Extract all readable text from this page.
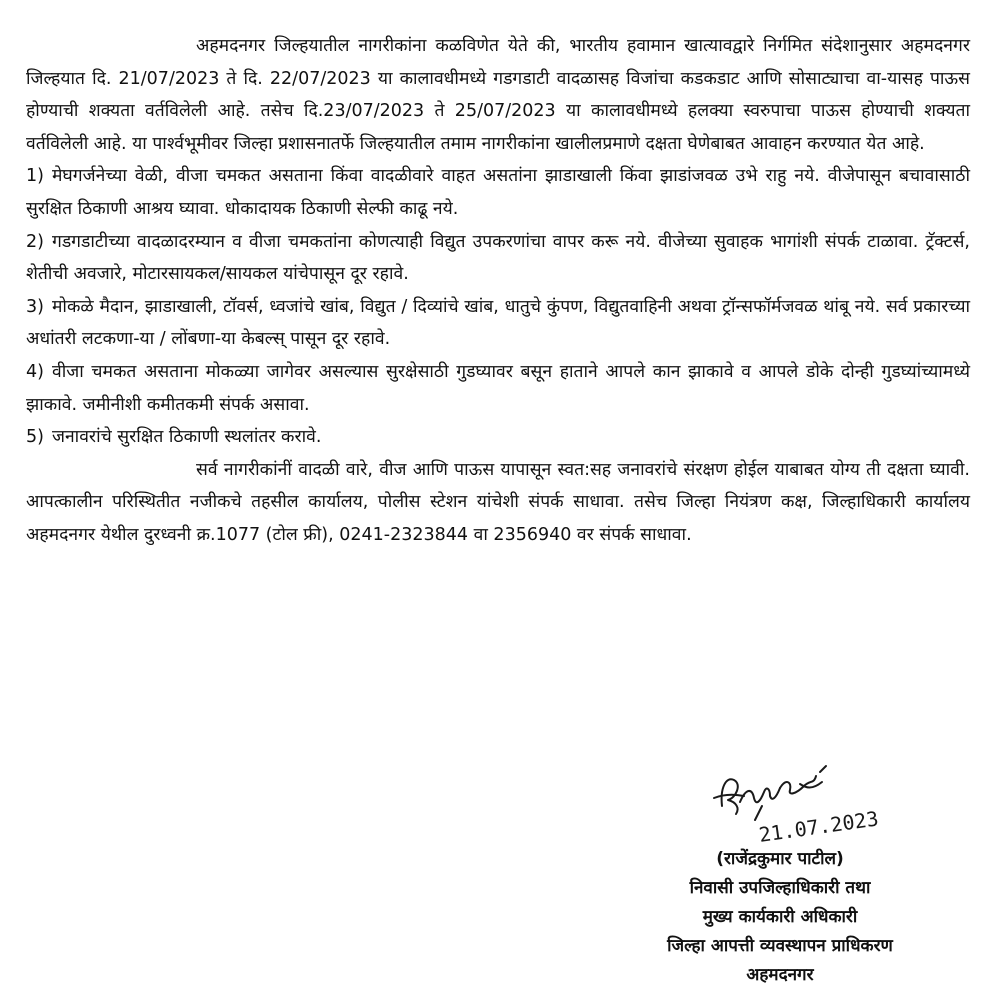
अहमदनगर जिल्हयातील नागरीकांना कळविणेत येते की, भारतीय हवामान खात्यावद्वारे निर्गमित संदेशानुसार अहमदनगर जिल्हयात दि. 21/07/2023 ते दि. 22/07/2023 या कालावधीमध्ये गडगडाटी वादळासह विजांचा कडकडाट आणि सोसाट्याचा वा-यासह पाऊस होण्याची शक्यता वर्तविलेली आहे. तसेच दि.23/07/2023 ते 25/07/2023 या कालावधीमध्ये हलक्या स्वरुपाचा पाऊस होण्याची शक्यता वर्तविलेली आहे. या पार्श्वभूमीवर जिल्हा प्रशासनातर्फे जिल्हयातील तमाम नागरीकांना खालीलप्रमाणे दक्षता घेणेबाबत आवाहन करण्यात येत आहे.

1) मेघगर्जनेच्या वेळी, वीजा चमकत असताना किंवा वादळीवारे वाहत असतांना झाडाखाली किंवा झाडांजवळ उभे राहु नये. वीजेपासून बचावासाठी सुरक्षित ठिकाणी आश्रय घ्यावा. धोकादायक ठिकाणी सेल्फी काढू नये.

2) गडगडाटीच्या वादळादरम्यान व वीजा चमकतांना कोणत्याही विद्युत उपकरणांचा वापर करू नये. वीजेच्या सुवाहक भागांशी संपर्क टाळावा. ट्रॅक्टर्स, शेतीची अवजारे, मोटारसायकल/सायकल यांचेपासून दूर रहावे.

3) मोकळे मैदान, झाडाखाली, टॉवर्स, ध्वजांचे खांब, विद्युत / दिव्यांचे खांब, धातुचे कुंपण, विद्युतवाहिनी अथवा ट्रॉन्सफॉर्मजवळ थांबू नये. सर्व प्रकारच्या अधांतरी लटकणा-या / लोंबणा-या केबल्स् पासून दूर रहावे.

4) वीजा चमकत असताना मोकळ्या जागेवर असल्यास सुरक्षेसाठी गुडघ्यावर बसून हाताने आपले कान झाकावे व आपले डोके दोन्ही गुडघ्यांच्यामध्ये झाकावे. जमीनीशी कमीतकमी संपर्क असावा.

5) जनावरांचे सुरक्षित ठिकाणी स्थलांतर करावे.

सर्व नागरीकांनीं वादळी वारे, वीज आणि पाऊस यापासून स्वत:सह जनावरांचे संरक्षण होईल याबाबत योग्य ती दक्षता घ्यावी. आपत्कालीन परिस्थितीत नजीकचे तहसील कार्यालय, पोलीस स्टेशन यांचेशी संपर्क साधावा. तसेच जिल्हा नियंत्रण कक्ष, जिल्हाधिकारी कार्यालय अहमदनगर येथील दुरध्वनी क्र.1077 (टोल फ्री), 0241-2323844 वा 2356940 वर संपर्क साधावा.

21.07.2023
(राजेंद्रकुमार पाटील)
निवासी उपजिल्हाधिकारी तथा
मुख्य कार्यकारी अधिकारी
जिल्हा आपत्ती व्यवस्थापन प्राधिकरण
अहमदनगर
